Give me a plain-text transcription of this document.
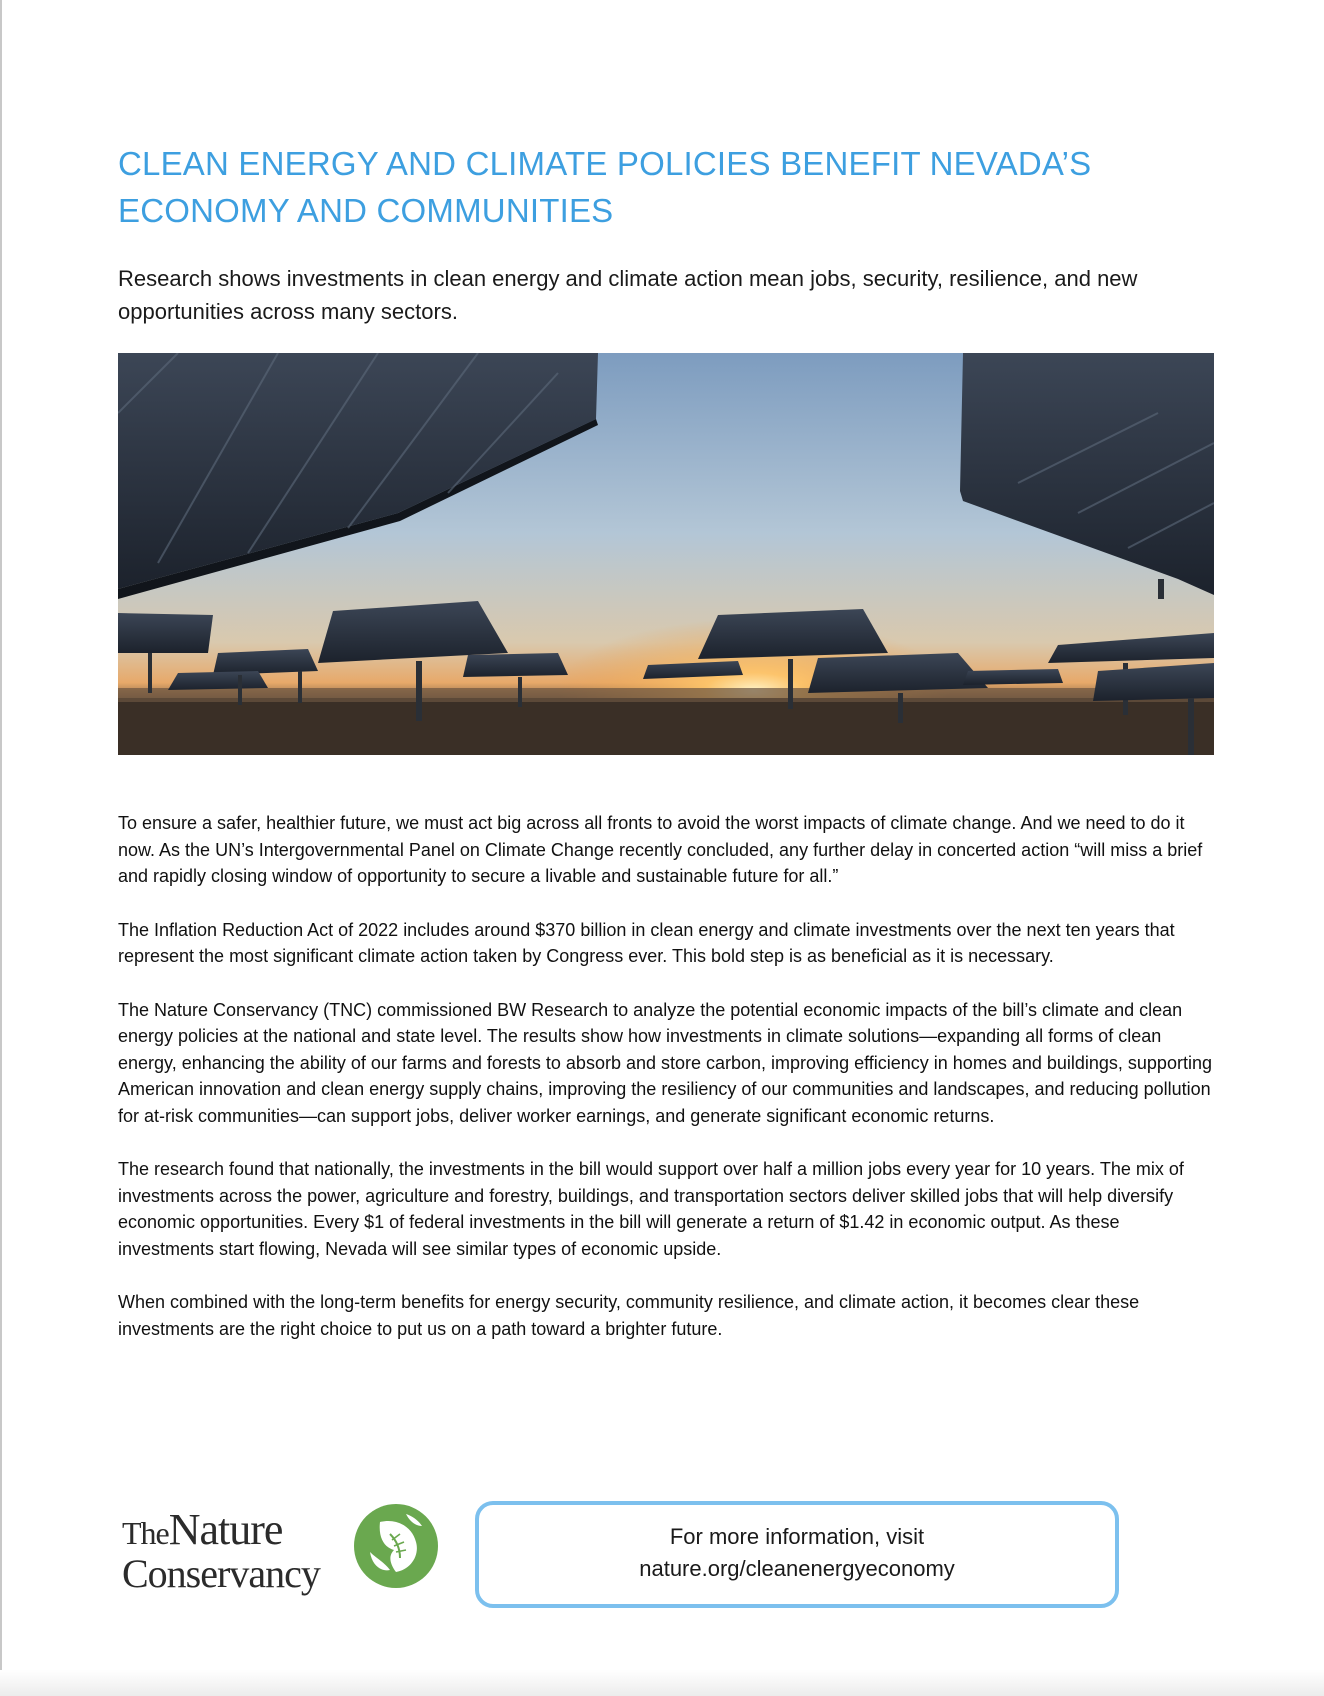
CLEAN ENERGY AND CLIMATE POLICIES BENEFIT NEVADA’S
ECONOMY AND COMMUNITIES

Research shows investments in clean energy and climate action mean jobs, security, resilience, and new opportunities across many sectors.

To ensure a safer, healthier future, we must act big across all fronts to avoid the worst impacts of climate change. And we need to do it now. As the UN’s Intergovernmental Panel on Climate Change recently concluded, any further delay in concerted action “will miss a brief and rapidly closing window of opportunity to secure a livable and sustainable future for all.”

The Inflation Reduction Act of 2022 includes around $370 billion in clean energy and climate investments over the next ten years that represent the most significant climate action taken by Congress ever. This bold step is as beneficial as it is necessary.

The Nature Conservancy (TNC) commissioned BW Research to analyze the potential economic impacts of the bill’s climate and clean energy policies at the national and state level. The results show how investments in climate solutions—expanding all forms of clean energy, enhancing the ability of our farms and forests to absorb and store carbon, improving efficiency in homes and buildings, supporting American innovation and clean energy supply chains, improving the resiliency of our communities and landscapes, and reducing pollution for at-risk communities—can support jobs, deliver worker earnings, and generate significant economic returns.

The research found that nationally, the investments in the bill would support over half a million jobs every year for 10 years. The mix of investments across the power, agriculture and forestry, buildings, and transportation sectors deliver skilled jobs that will help diversify economic opportunities. Every $1 of federal investments in the bill will generate a return of $1.42 in economic output. As these investments start flowing, Nevada will see similar types of economic upside.

When combined with the long-term benefits for energy security, community resilience, and climate action, it becomes clear these investments are the right choice to put us on a path toward a brighter future.

TheNature
Conservancy
For more information, visit
nature.org/cleanenergyeconomy
